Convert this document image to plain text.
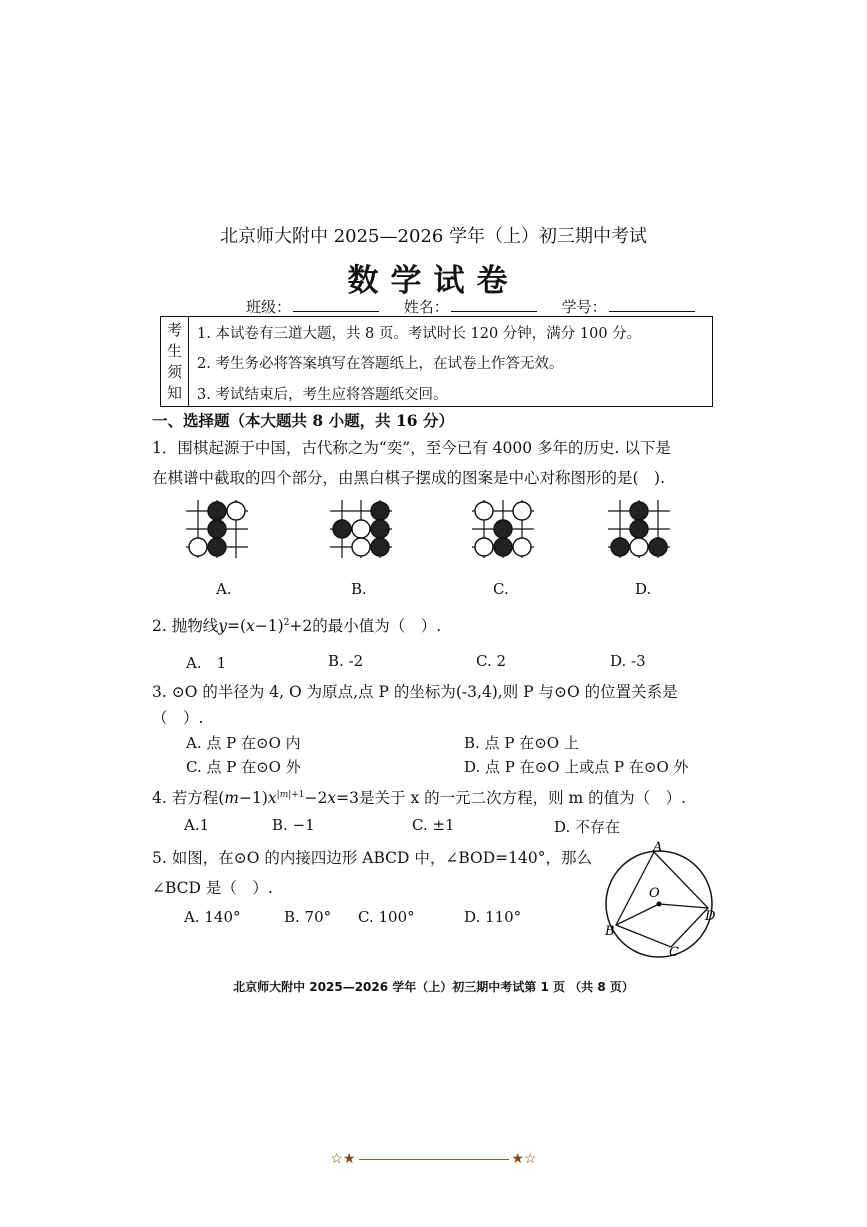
北京师大附中 2025—2026 学年（上）初三期中考试
数学试卷
班级：	姓名：	学号：
考
生
须
知
1. 本试卷有三道大题，共 8 页。考试时长 120 分钟，满分 100 分。
2. 考生务必将答案填写在答题纸上，在试卷上作答无效。
3. 考试结束后，考生应将答题纸交回。
一、选择题（本大题共 8 小题，共 16 分）
1．围棋起源于中国，古代称之为“奕”，至今已有 4000 多年的历史. 以下是
在棋谱中截取的四个部分，由黑白棋子摆成的图案是中心对称图形的是(　).
A.	B.	C.	D.
2. 抛物线$y=(x-1)^2+2$的最小值为（　）.
A.　1	B. -2	C. 2	D. -3
3. ⊙O 的半径为 4, O 为原点,点 P 的坐标为(-3,4),则 P 与⊙O 的位置关系是
（　）.
A. 点 P 在⊙O 内	B. 点 P 在⊙O 上
C. 点 P 在⊙O 外	D. 点 P 在⊙O 上或点 P 在⊙O 外
4. 若方程$(m-1)x^{|m|+1}-2x=3$是关于 x 的一元二次方程，则 m 的值为（　）.
A.1	B. −1	C. ±1	D. 不存在
5. 如图，在⊙O 的内接四边形 ABCD 中，∠BOD=140°，那么
∠BCD 是（　）.
A. 140°	B. 70° C. 100°	D. 110°
A
O
B
C
D
北京师大附中 2025—2026 学年（上）初三期中考试第 1 页 （共 8 页）
☆★	★☆
